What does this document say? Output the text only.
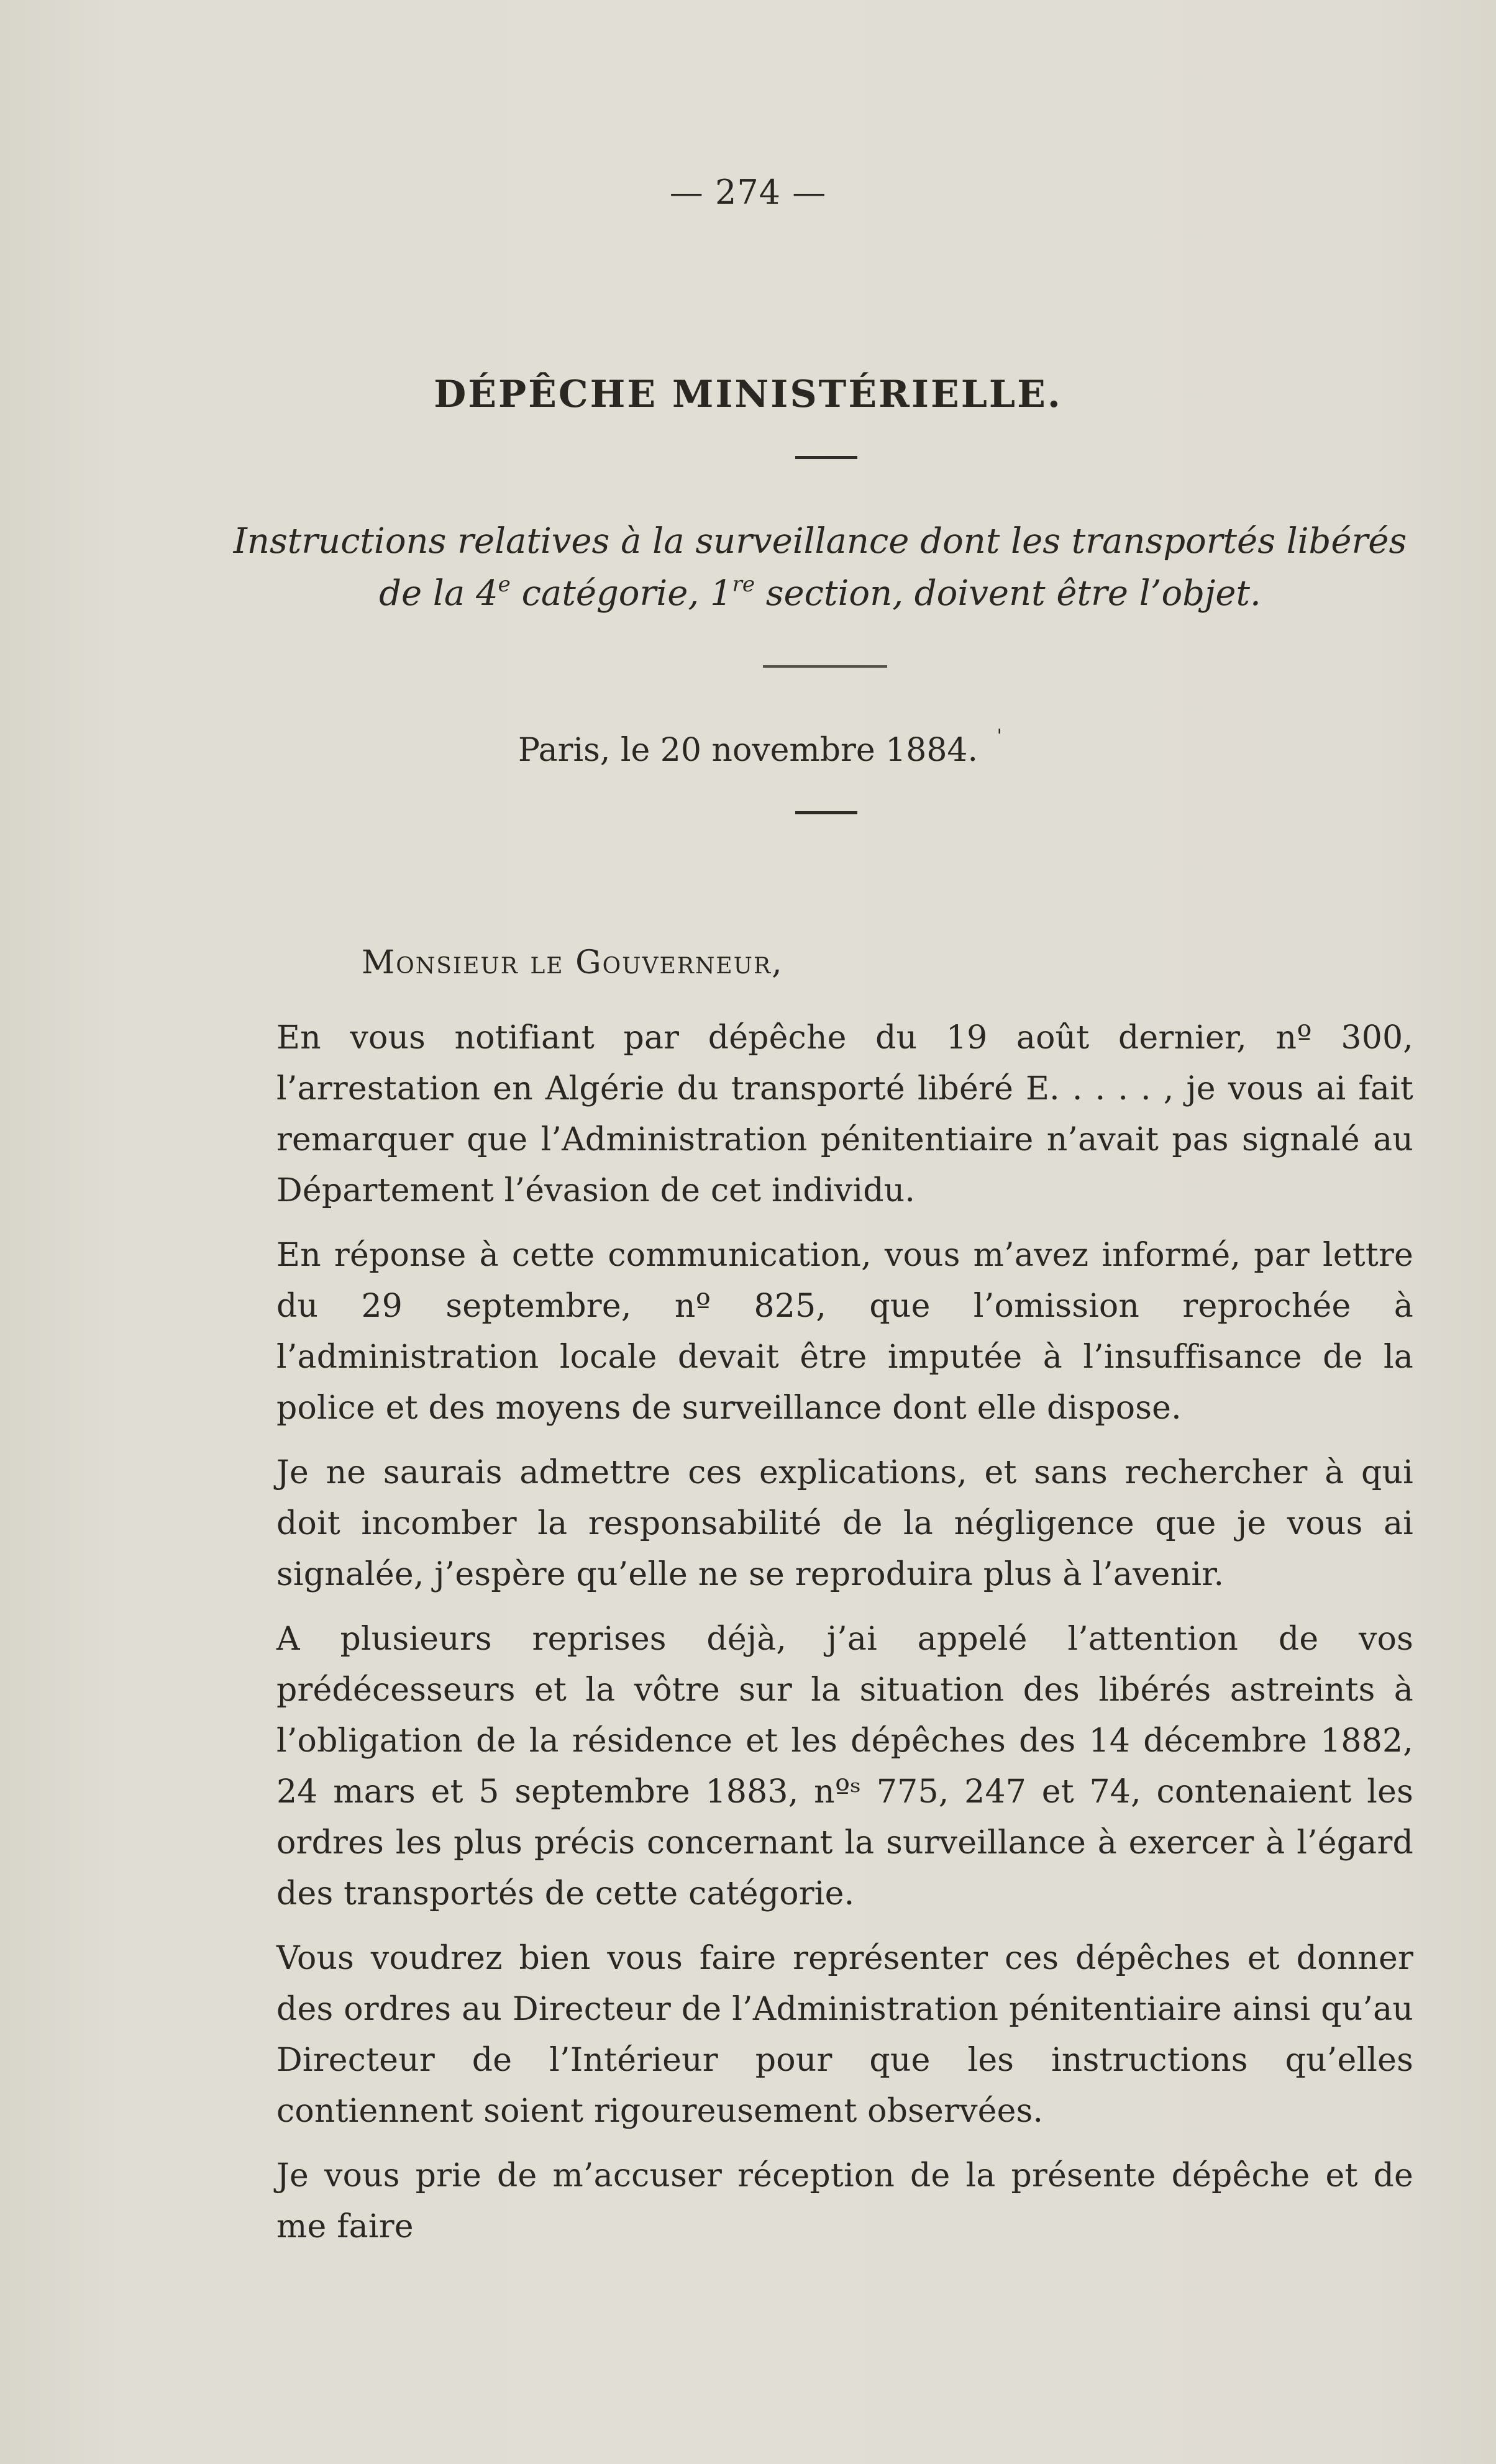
— 274 —
DÉPÊCHE MINISTÉRIELLE.
Instructions relatives à la surveillance dont les transportés libérés
de la 4e catégorie, 1re section, doivent être l’objet.
Paris, le 20 novembre 1884. ˈ
Monsieur le Gouverneur,

En vous notifiant par dépêche du 19 août dernier, nº 300, l’arrestation en Algérie du transporté libéré E. . . . . , je vous ai fait remarquer que l’Administration pénitentiaire n’avait pas signalé au Département l’évasion de cet individu.

En réponse à cette communication, vous m’avez informé, par lettre du 29 septembre, nº 825, que l’omission reprochée à l’administration locale devait être imputée à l’insuffisance de la police et des moyens de surveillance dont elle dispose.

Je ne saurais admettre ces explications, et sans rechercher à qui doit incomber la responsabilité de la négligence que je vous ai signalée, j’espère qu’elle ne se reproduira plus à l’avenir.

A plusieurs reprises déjà, j’ai appelé l’attention de vos prédécesseurs et la vôtre sur la situation des libérés astreints à l’obligation de la résidence et les dépêches des 14 décembre 1882, 24 mars et 5 septembre 1883, nºˢ 775, 247 et 74, contenaient les ordres les plus précis concernant la surveillance à exercer à l’égard des transportés de cette catégorie.

Vous voudrez bien vous faire représenter ces dépêches et donner des ordres au Directeur de l’Administration pénitentiaire ainsi qu’au Directeur de l’Intérieur pour que les instructions qu’elles contiennent soient rigoureusement observées.

Je vous prie de m’accuser réception de la présente dépêche et de me faire
